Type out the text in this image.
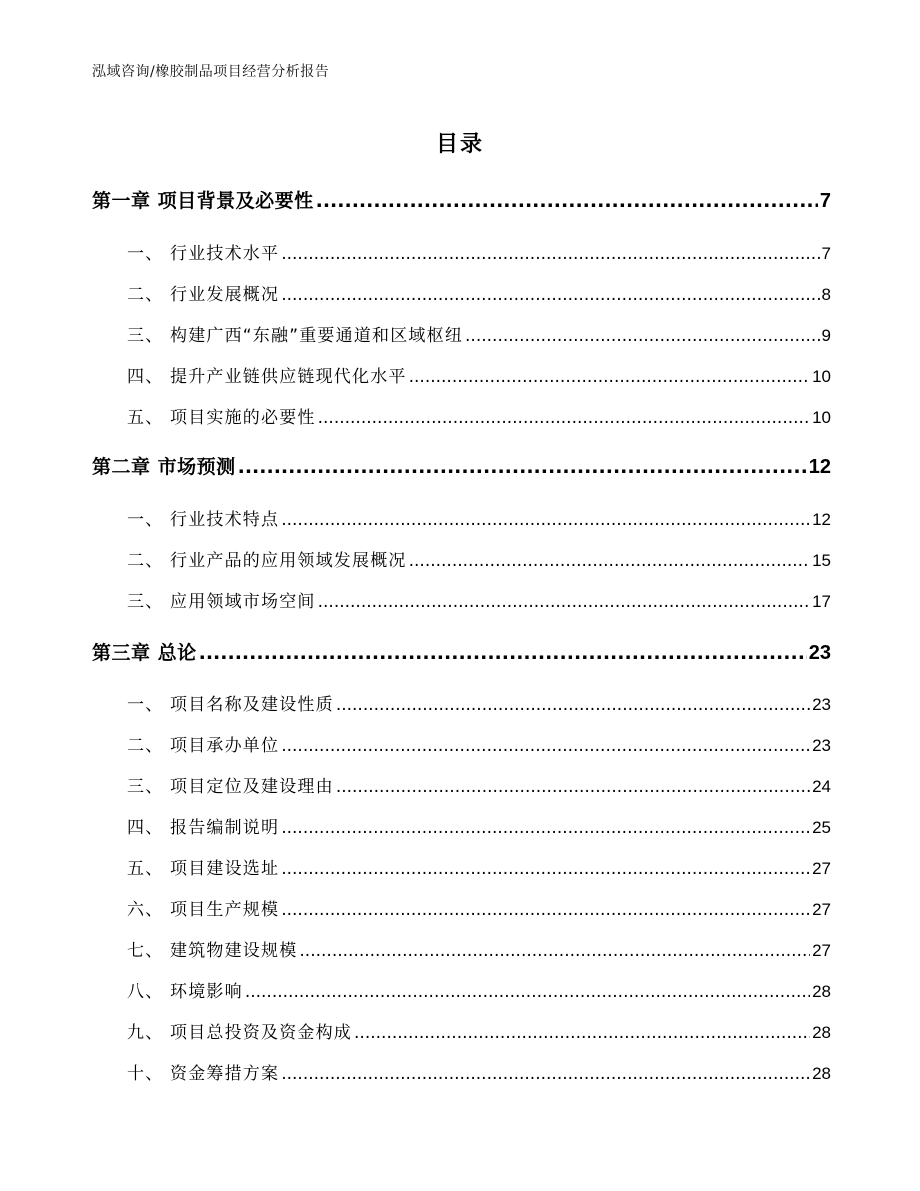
泓域咨询/橡胶制品项目经营分析报告
目录
第一章 项目背景及必要性 .....	7
一、 行业技术水平 .....	7
二、 行业发展概况 .....	8
三、 构建广西“东融”重要通道和区域枢纽 .....	9
四、 提升产业链供应链现代化水平 .....	10
五、 项目实施的必要性 .....	10
第二章 市场预测 .....	12
一、 行业技术特点 .....	12
二、 行业产品的应用领域发展概况 .....	15
三、 应用领域市场空间 .....	17
第三章 总论 .....	23
一、 项目名称及建设性质 .....	23
二、 项目承办单位 .....	23
三、 项目定位及建设理由 .....	24
四、 报告编制说明 .....	25
五、 项目建设选址 .....	27
六、 项目生产规模 .....	27
七、 建筑物建设规模 .....	27
八、 环境影响 .....	28
九、 项目总投资及资金构成 .....	28
十、 资金筹措方案 .....	28
